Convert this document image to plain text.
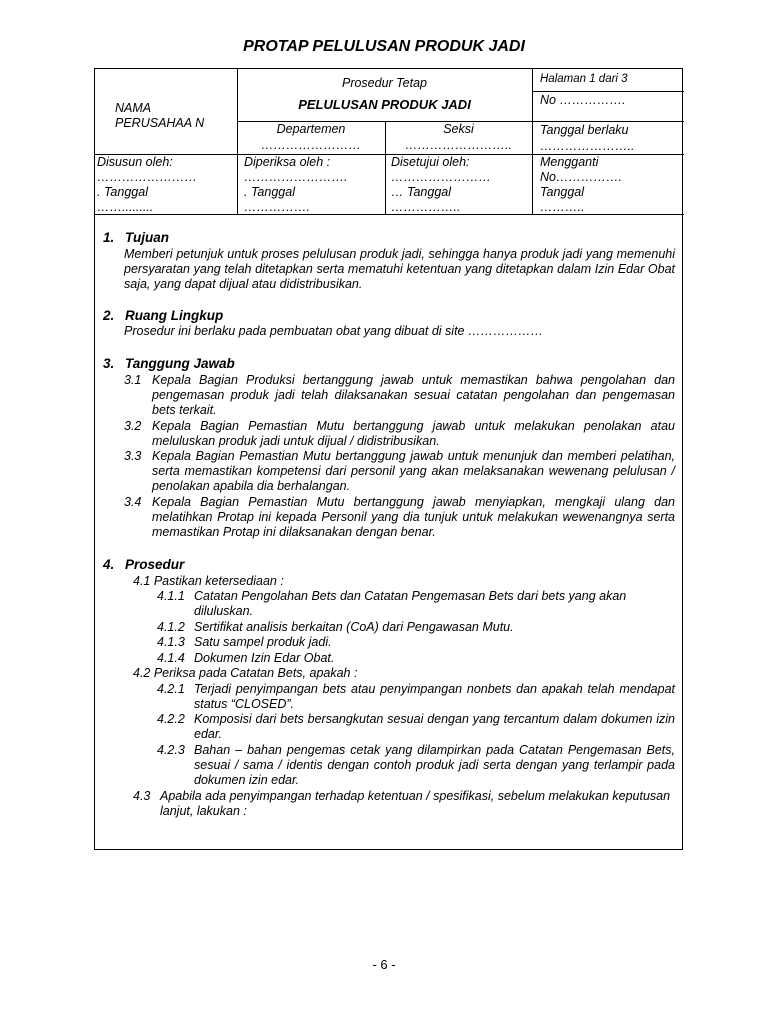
PROTAP PELULUSAN PRODUK JADI
NAMA PERUSAHAA N
Prosedur Tetap
PELULUSAN PRODUK JADI
Departemen
……………………
Seksi
……………………..
Halaman 1 dari 3
No …………….
Tanggal berlaku
…………………..
Disusun oleh:
……………………
. Tanggal
…….........
Diperiksa oleh :
…………………….
. Tanggal
…………….
Disetujui oleh:
……………………
… Tanggal
……………..
Mengganti
No…………….
Tanggal
………..
1. Tujuan
Memberi petunjuk untuk proses pelulusan produk jadi, sehingga hanya produk jadi yang memenuhi persyaratan yang telah ditetapkan serta mematuhi ketentuan yang ditetapkan dalam Izin Edar Obat saja, yang dapat dijual atau didistribusikan.
2. Ruang Lingkup
Prosedur ini berlaku pada pembuatan obat yang dibuat di site ………………
3. Tanggung Jawab
3.1 Kepala Bagian Produksi bertanggung jawab untuk memastikan bahwa pengolahan dan pengemasan produk jadi telah dilaksanakan sesuai catatan pengolahan dan pengemasan bets terkait.
3.2 Kepala Bagian Pemastian Mutu bertanggung jawab untuk melakukan penolakan atau meluluskan produk jadi untuk dijual / didistribusikan.
3.3 Kepala Bagian Pemastian Mutu bertanggung jawab untuk menunjuk dan memberi pelatihan, serta memastikan kompetensi dari personil yang akan melaksanakan wewenang pelulusan / penolakan apabila dia berhalangan.
3.4 Kepala Bagian Pemastian Mutu bertanggung jawab menyiapkan, mengkaji ulang dan melatihkan Protap ini kepada Personil yang dia tunjuk untuk melakukan wewenangnya serta memastikan Protap ini dilaksanakan dengan benar.
4. Prosedur
4.1 Pastikan ketersediaan :
4.1.1 Catatan Pengolahan Bets dan Catatan Pengemasan Bets dari bets yang akan diluluskan.
4.1.2 Sertifikat analisis berkaitan (CoA) dari Pengawasan Mutu.
4.1.3 Satu sampel produk jadi.
4.1.4 Dokumen Izin Edar Obat.
4.2 Periksa pada Catatan Bets, apakah :
4.2.1 Terjadi penyimpangan bets atau penyimpangan nonbets dan apakah telah mendapat status “CLOSED”.
4.2.2 Komposisi dari bets bersangkutan sesuai dengan yang tercantum dalam dokumen izin edar.
4.2.3 Bahan – bahan pengemas cetak yang dilampirkan pada Catatan Pengemasan Bets, sesuai / sama / identis dengan contoh produk jadi serta dengan yang terlampir pada dokumen izin edar.
4.3 Apabila ada penyimpangan terhadap ketentuan / spesifikasi, sebelum melakukan keputusan lanjut, lakukan :
- 6 -
